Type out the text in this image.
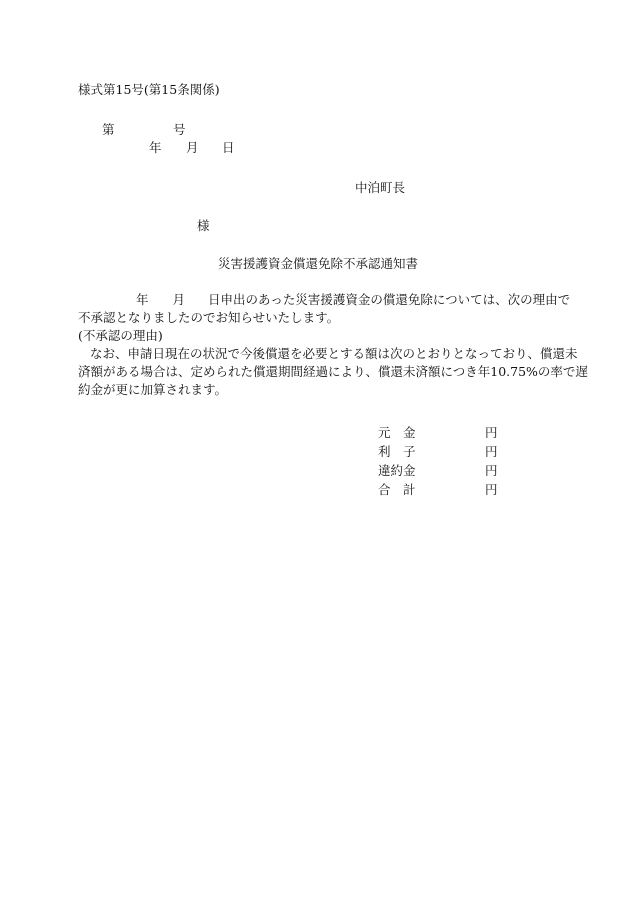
様式第15号(第15条関係)
第	号
年 月 日
中泊町長
様
災害援護資金償還免除不承認通知書
年 月 日申出のあった災害援護資金の償還免除については、次の理由で
不承認となりましたのでお知らせいたします。
(不承認の理由)
なお、申請日現在の状況で今後償還を必要とする額は次のとおりとなっており、償還未
済額がある場合は、定められた償還期間経過により、償還未済額につき年10.75%の率で遅
約金が更に加算されます。
元　金	円
利　子	円
違約金	円
合　計	円
